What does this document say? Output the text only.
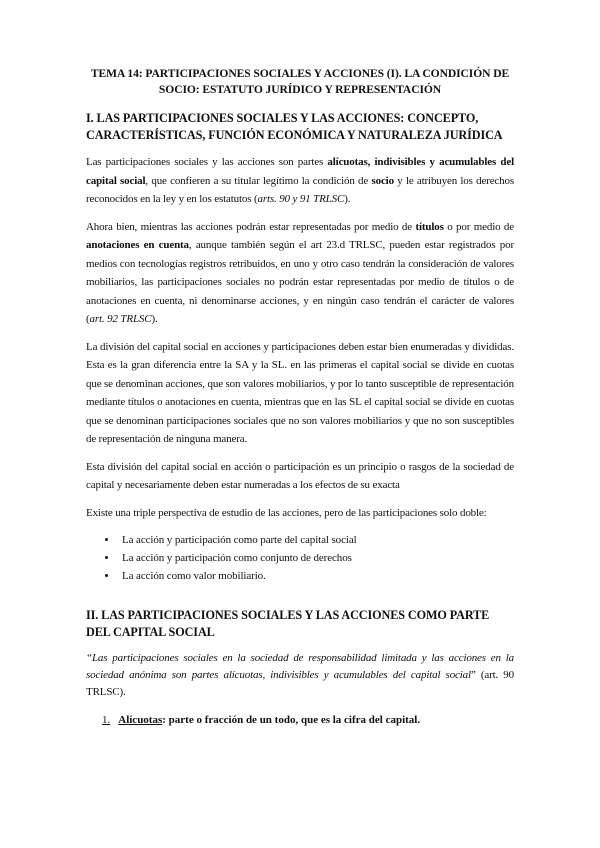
TEMA 14: PARTICIPACIONES SOCIALES Y ACCIONES (I). LA CONDICIÓN DE SOCIO: ESTATUTO JURÍDICO Y REPRESENTACIÓN
I. LAS PARTICIPACIONES SOCIALES Y LAS ACCIONES: CONCEPTO, CARACTERÍSTICAS, FUNCIÓN ECONÓMICA Y NATURALEZA JURÍDICA

Las participaciones sociales y las acciones son partes alícuotas, indivisibles y acumulables del capital social, que confieren a su titular legítimo la condición de socio y le atribuyen los derechos reconocidos en la ley y en los estatutos (arts. 90 y 91 TRLSC).

Ahora bien, mientras las acciones podrán estar representadas por medio de títulos o por medio de anotaciones en cuenta, aunque también según el art 23.d TRLSC, pueden estar registrados por medios con tecnologías registros retribuidos, en uno y otro caso tendrán la consideración de valores mobiliarios, las participaciones sociales no podrán estar representadas por medio de títulos o de anotaciones en cuenta, ni denominarse acciones, y en ningún caso tendrán el carácter de valores (art. 92 TRLSC).

La división del capital social en acciones y participaciones deben estar bien enumeradas y divididas. Esta es la gran diferencia entre la SA y la SL. en las primeras el capital social se divide en cuotas que se denominan acciones, que son valores mobiliarios, y por lo tanto susceptible de representación mediante títulos o anotaciones en cuenta, mientras que en las SL el capital social se divide en cuotas que se denominan participaciones sociales que no son valores mobiliarios y que no son susceptibles de representación de ninguna manera.

Esta división del capital social en acción o participación es un principio o rasgos de la sociedad de capital y necesariamente deben estar numeradas a los efectos de su exacta

Existe una triple perspectiva de estudio de las acciones, pero de las participaciones solo doble:

• La acción y participación como parte del capital social
• La acción y participación como conjunto de derechos
• La acción como valor mobiliario.
II. LAS PARTICIPACIONES SOCIALES Y LAS ACCIONES COMO PARTE DEL CAPITAL SOCIAL
“Las participaciones sociales en la sociedad de responsabilidad limitada y las acciones en la sociedad anónima son partes alícuotas, indivisibles y acumulables del capital social” (art. 90 TRLSC).
1. Alícuotas: parte o fracción de un todo, que es la cifra del capital.
